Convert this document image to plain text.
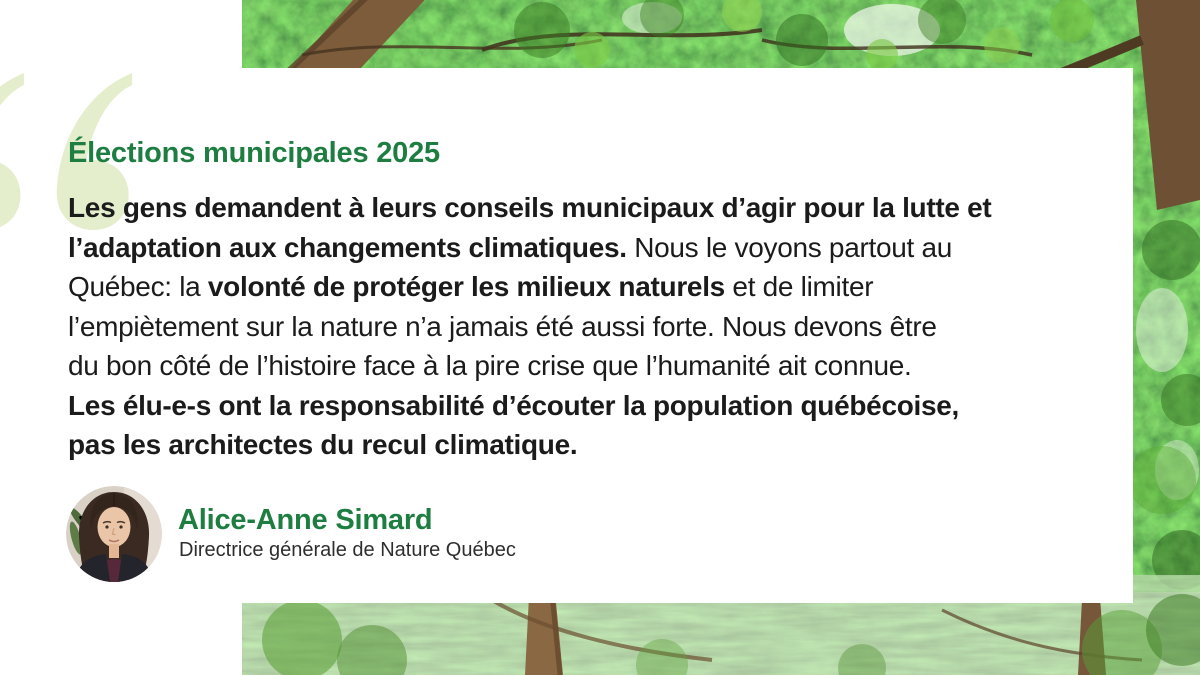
Élections municipales 2025
Les gens demandent à leurs conseils municipaux d’agir pour la lutte et
l’adaptation aux changements climatiques. Nous le voyons partout au
Québec: la volonté de protéger les milieux naturels et de limiter
l’empiètement sur la nature n’a jamais été aussi forte. Nous devons être
du bon côté de l’histoire face à la pire crise que l’humanité ait connue.
Les élu-e-s ont la responsabilité d’écouter la population québécoise,
pas les architectes du recul climatique.
Alice-Anne Simard
Directrice générale de Nature Québec
